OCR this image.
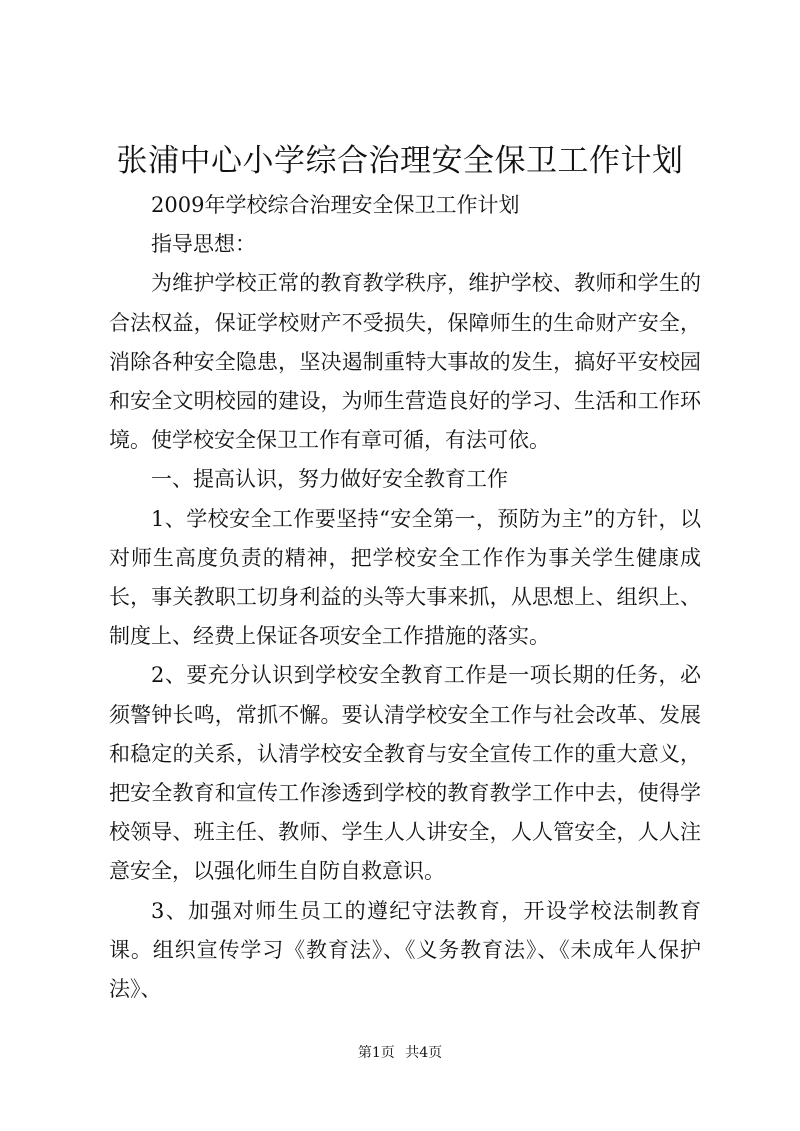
张浦中心小学综合治理安全保卫工作计划

2009年学校综合治理安全保卫工作计划

指导思想：

为维护学校正常的教育教学秩序，维护学校、教师和学生的合法权益，保证学校财产不受损失，保障师生的生命财产安全，消除各种安全隐患，坚决遏制重特大事故的发生，搞好平安校园和安全文明校园的建设，为师生营造良好的学习、生活和工作环境。使学校安全保卫工作有章可循，有法可依。

一、提高认识，努力做好安全教育工作

1、学校安全工作要坚持“安全第一，预防为主”的方针，以对师生高度负责的精神，把学校安全工作作为事关学生健康成长，事关教职工切身利益的头等大事来抓，从思想上、组织上、制度上、经费上保证各项安全工作措施的落实。

2、要充分认识到学校安全教育工作是一项长期的任务，必须警钟长鸣，常抓不懈。要认清学校安全工作与社会改革、发展和稳定的关系，认清学校安全教育与安全宣传工作的重大意义，把安全教育和宣传工作渗透到学校的教育教学工作中去，使得学校领导、班主任、教师、学生人人讲安全，人人管安全，人人注意安全，以强化师生自防自救意识。

3、加强对师生员工的遵纪守法教育，开设学校法制教育课。组织宣传学习《教育法》、《义务教育法》、《未成年人保护法》、

第1页 共4页
